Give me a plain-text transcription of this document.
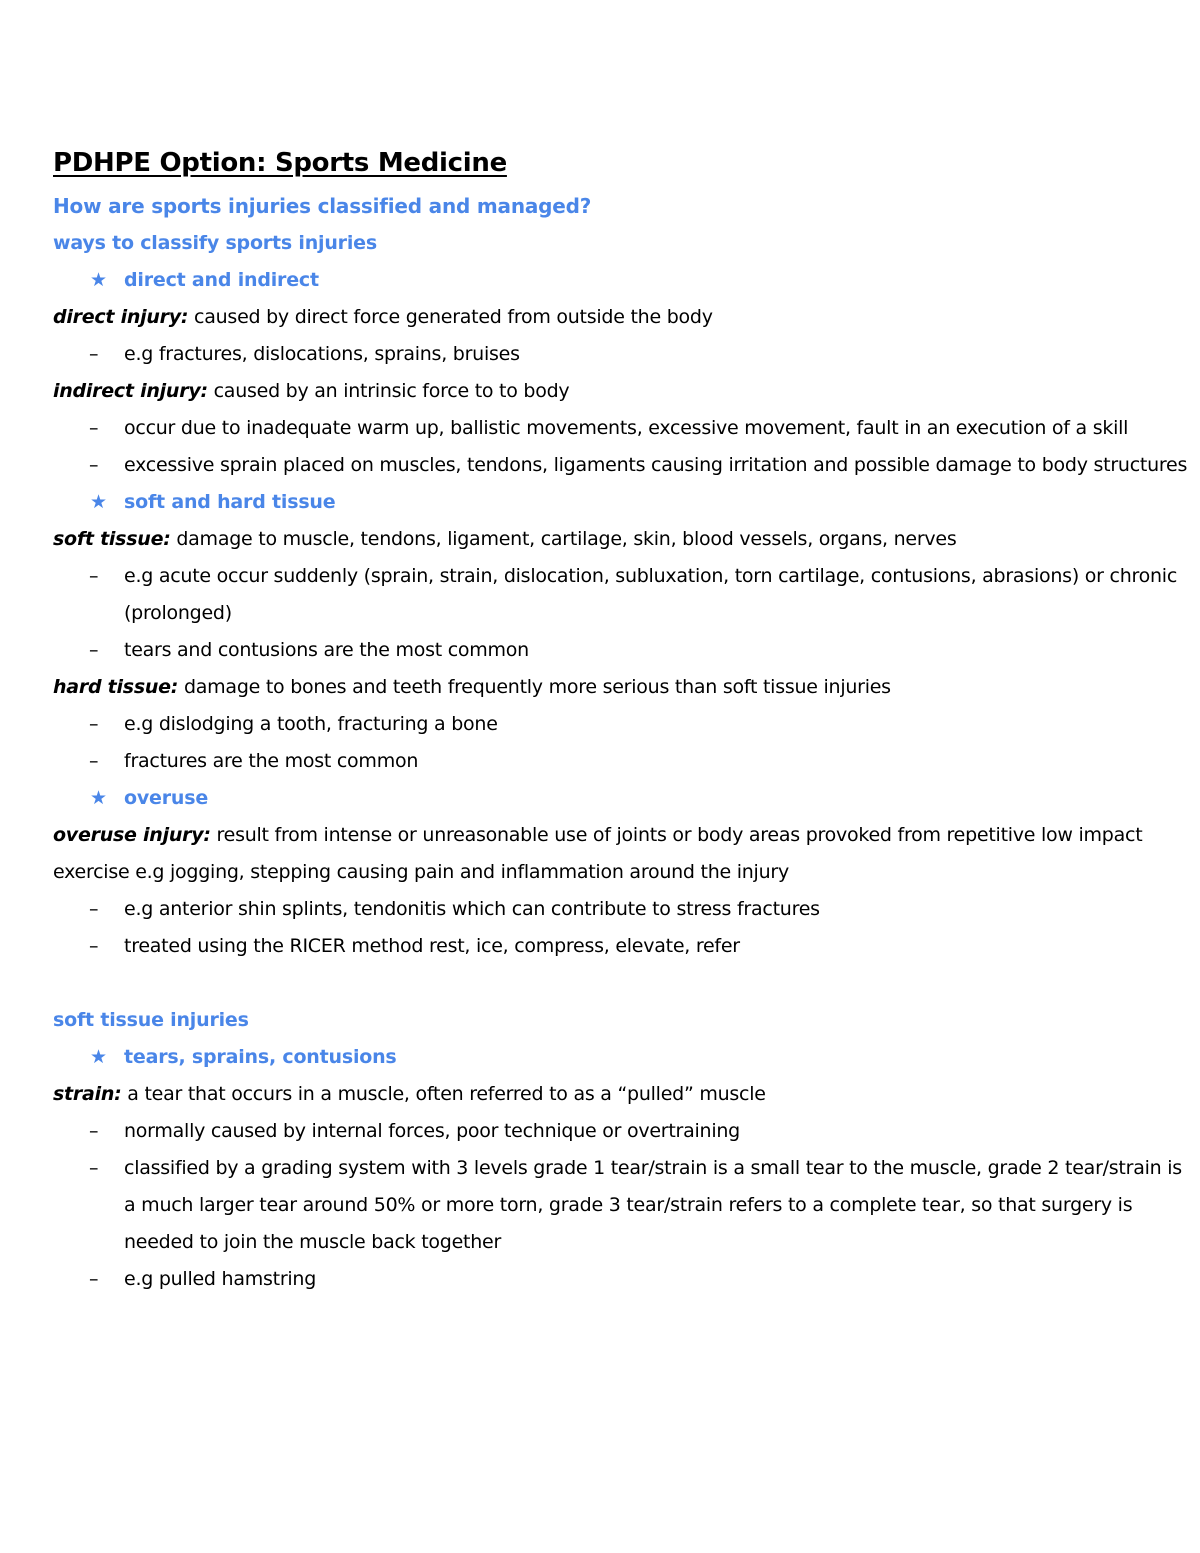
PDHPE Option: Sports Medicine
How are sports injuries classified and managed?
ways to classify sports injuries
★ direct and indirect
direct injury: caused by direct force generated from outside the body
–	e.g fractures, dislocations, sprains, bruises
indirect injury: caused by an intrinsic force to to body
–	occur due to inadequate warm up, ballistic movements, excessive movement, fault in an execution of a skill
–	excessive sprain placed on muscles, tendons, ligaments causing irritation and possible damage to body structures
★ soft and hard tissue
soft tissue: damage to muscle, tendons, ligament, cartilage, skin, blood vessels, organs, nerves
–	e.g acute occur suddenly (sprain, strain, dislocation, subluxation, torn cartilage, contusions, abrasions) or chronic (prolonged)
–	tears and contusions are the most common
hard tissue: damage to bones and teeth frequently more serious than soft tissue injuries
–	e.g dislodging a tooth, fracturing a bone
–	fractures are the most common
★ overuse
overuse injury: result from intense or unreasonable use of joints or body areas provoked from repetitive low impact exercise e.g jogging, stepping causing pain and inflammation around the injury
–	e.g anterior shin splints, tendonitis which can contribute to stress fractures
–	treated using the RICER method rest, ice, compress, elevate, refer
soft tissue injuries
★ tears, sprains, contusions
strain: a tear that occurs in a muscle, often referred to as a “pulled” muscle
–	normally caused by internal forces, poor technique or overtraining
–	classified by a grading system with 3 levels grade 1 tear/strain is a small tear to the muscle, grade 2 tear/strain is a much larger tear around 50% or more torn, grade 3 tear/strain refers to a complete tear, so that surgery is needed to join the muscle back together
–	e.g pulled hamstring
